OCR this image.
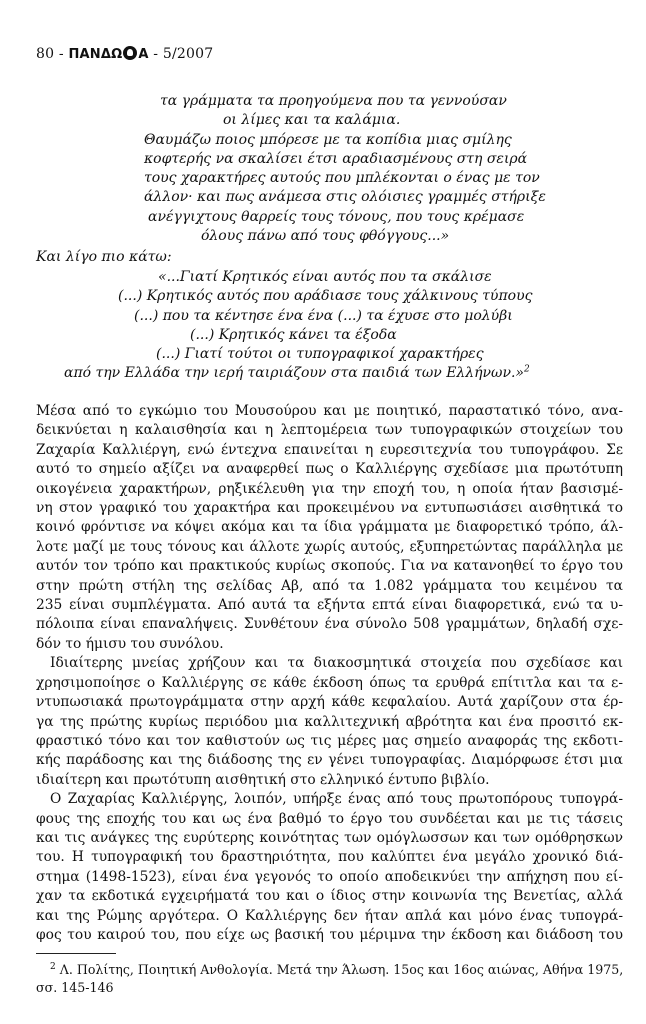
80 - ΠΑΝΔΩ Α - 5/2007
τα γράμματα τα προηγούμενα που τα γεννούσαν
οι λίμες και τα καλάμια.
Θαυμάζω ποιος μπόρεσε με τα κοπίδια μιας σμίλης
κοφτερής να σκαλίσει έτσι αραδιασμένους στη σειρά
τους χαρακτήρες αυτούς που μπλέκονται ο ένας με τον
άλλον· και πως ανάμεσα στις ολόισιες γραμμές στήριξε
ανέγγιχτους θαρρείς τους τόνους, που τους κρέμασε
όλους πάνω από τους φθόγγους...»
Και λίγο πιο κάτω:
«...Γιατί Κρητικός είναι αυτός που τα σκάλισε
(...) Κρητικός αυτός που αράδιασε τους χάλκινους τύπους
(...) που τα κέντησε ένα ένα (...) τα έχυσε στο μολύβι
(...) Κρητικός κάνει τα έξοδα
(...) Γιατί τούτοι οι τυπογραφικοί χαρακτήρες
από την Ελλάδα την ιερή ταιριάζουν στα παιδιά των Ελλήνων.»$^2$
Μέσα από το εγκώμιο του Μουσούρου και με ποιητικό, παραστατικό τόνο, ανα-
δεικνύεται η καλαισθησία και η λεπτομέρεια των τυπογραφικών στοιχείων του
Ζαχαρία Καλλιέργη, ενώ έντεχνα επαινείται η ευρεσιτεχνία του τυπογράφου. Σε
αυτό το σημείο αξίζει να αναφερθεί πως ο Καλλιέργης σχεδίασε μια πρωτότυπη
οικογένεια χαρακτήρων, ρηξικέλευθη για την εποχή του, η οποία ήταν βασισμέ-
νη στον γραφικό του χαρακτήρα και προκειμένου να εντυπωσιάσει αισθητικά το
κοινό φρόντισε να κόψει ακόμα και τα ίδια γράμματα με διαφορετικό τρόπο, άλ-
λοτε μαζί με τους τόνους και άλλοτε χωρίς αυτούς, εξυπηρετώντας παράλληλα με
αυτόν τον τρόπο και πρακτικούς κυρίως σκοπούς. Για να κατανοηθεί το έργο του
στην πρώτη στήλη της σελίδας Αβ, από τα 1.082 γράμματα του κειμένου τα
235 είναι συμπλέγματα. Από αυτά τα εξήντα επτά είναι διαφορετικά, ενώ τα υ-
πόλοιπα είναι επαναλήψεις. Συνθέτουν ένα σύνολο 508 γραμμάτων, δηλαδή σχε-
δόν το ήμισυ του συνόλου.
Ιδιαίτερης μνείας χρήζουν και τα διακοσμητικά στοιχεία που σχεδίασε και
χρησιμοποίησε ο Καλλιέργης σε κάθε έκδοση όπως τα ερυθρά επίτιτλα και τα ε-
ντυπωσιακά πρωτογράμματα στην αρχή κάθε κεφαλαίου. Αυτά χαρίζουν στα έρ-
γα της πρώτης κυρίως περιόδου μια καλλιτεχνική αβρότητα και ένα προσιτό εκ-
φραστικό τόνο και τον καθιστούν ως τις μέρες μας σημείο αναφοράς της εκδοτι-
κής παράδοσης και της διάδοσης της εν γένει τυπογραφίας. Διαμόρφωσε έτσι μια
ιδιαίτερη και πρωτότυπη αισθητική στο ελληνικό έντυπο βιβλίο.
Ο Ζαχαρίας Καλλιέργης, λοιπόν, υπήρξε ένας από τους πρωτοπόρους τυπογρά-
φους της εποχής του και ως ένα βαθμό το έργο του συνδέεται και με τις τάσεις
και τις ανάγκες της ευρύτερης κοινότητας των ομόγλωσσων και των ομόθρησκων
του. Η τυπογραφική του δραστηριότητα, που καλύπτει ένα μεγάλο χρονικό διά-
στημα (1498-1523), είναι ένα γεγονός το οποίο αποδεικνύει την απήχηση που εί-
χαν τα εκδοτικά εγχειρήματά του και ο ίδιος στην κοινωνία της Βενετίας, αλλά
και της Ρώμης αργότερα. Ο Καλλιέργης δεν ήταν απλά και μόνο ένας τυπογρά-
φος του καιρού του, που είχε ως βασική του μέριμνα την έκδοση και διάδοση του
$^2$ Λ. Πολίτης, Ποιητική Ανθολογία. Μετά την Άλωση. 15ος και 16ος αιώνας, Αθήνα 1975,
σσ. 145-146
